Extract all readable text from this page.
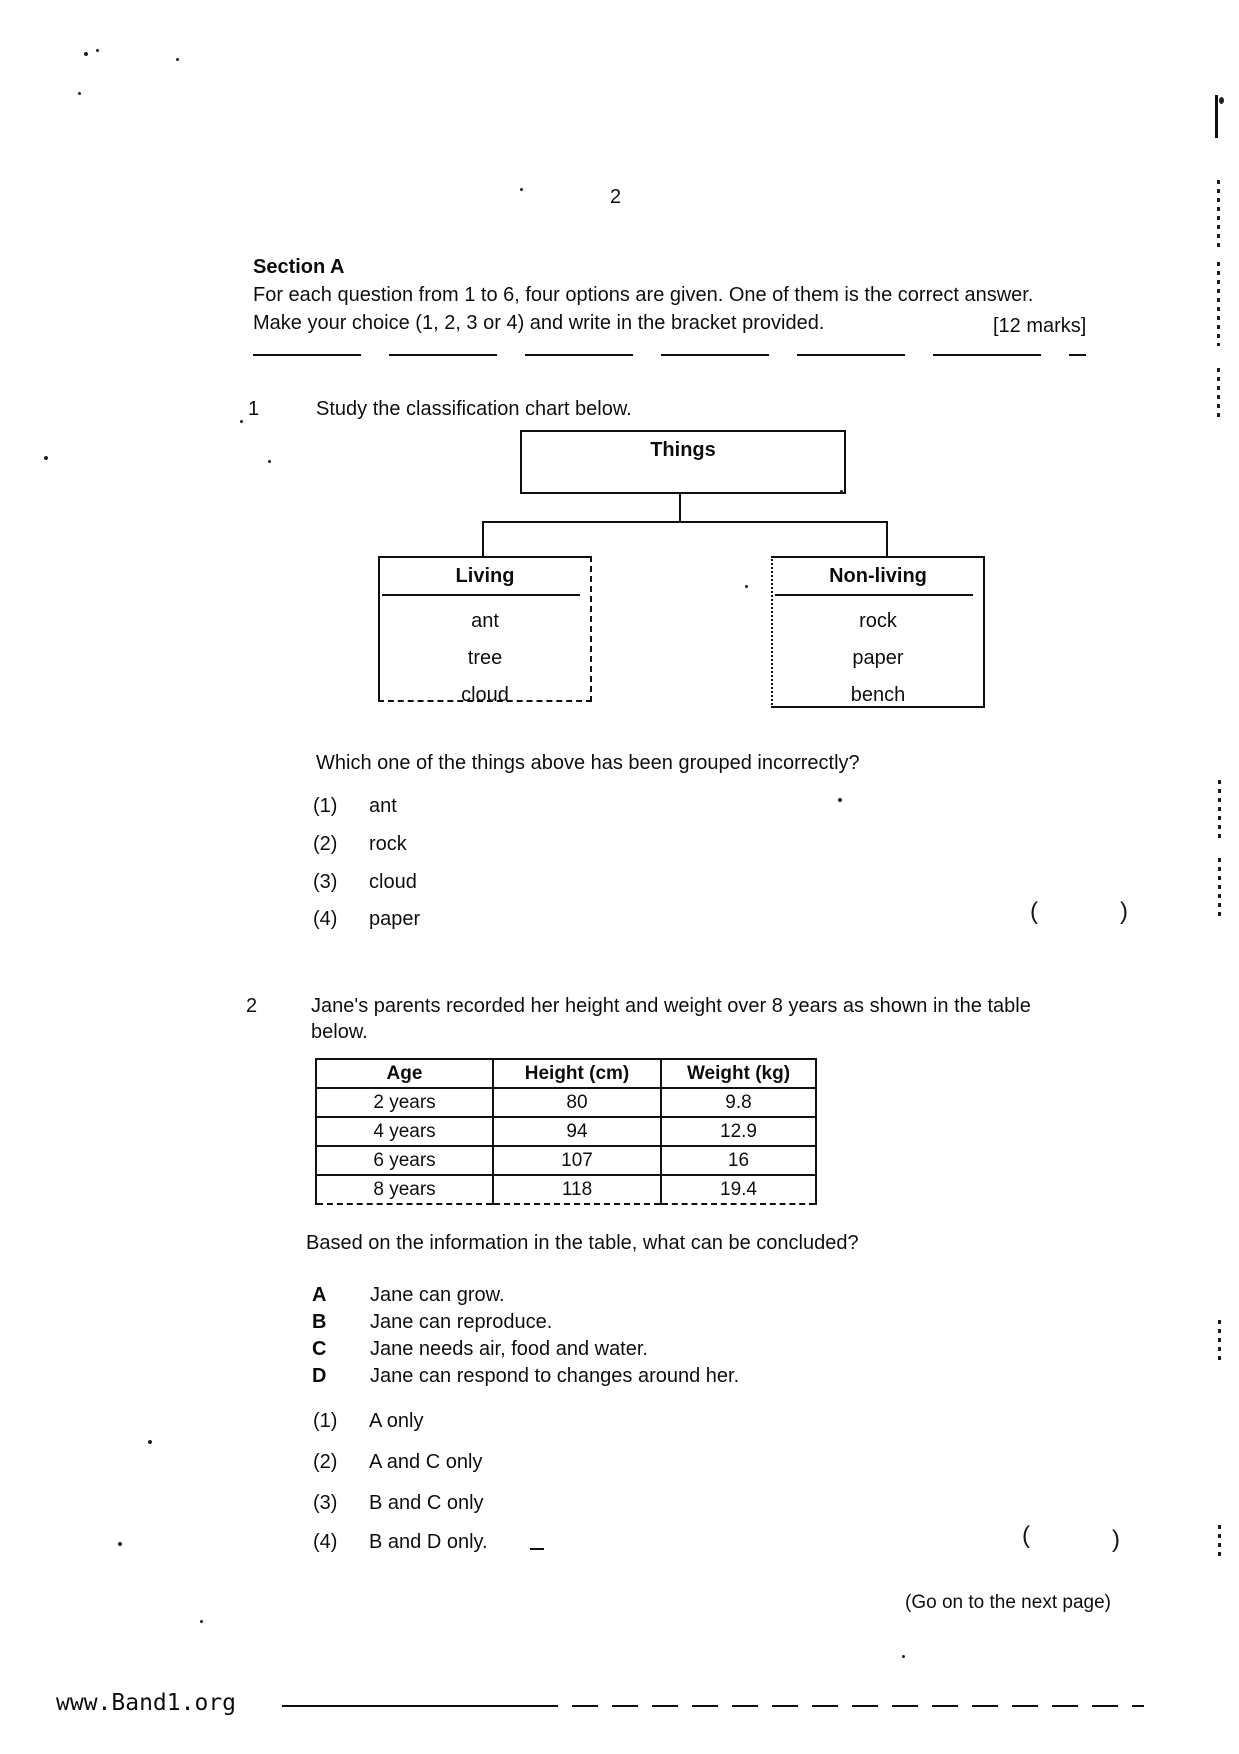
2
Section A
For each question from 1 to 6, four options are given. One of them is the correct answer.
Make your choice (1, 2, 3 or 4) and write in the bracket provided.	[12 marks]
1	Study the classification chart below.
Things
Living
ant
tree
cloud
Non-living
rock
paper
bench
Which one of the things above has been grouped incorrectly?
(1) ant
(2) rock
(3) cloud
(4) paper	(	)
2	Jane's parents recorded her height and weight over 8 years as shown in the table below.
Age	Height (cm)	Weight (kg)
2 years	80	9.8
4 years	94	12.9
6 years	107	16
8 years	118	19.4
Based on the information in the table, what can be concluded?
A Jane can grow.
B Jane can reproduce.
C Jane needs air, food and water.
D Jane can respond to changes around her.
(1) A only
(2) A and C only
(3) B and C only
(4) B and D only.	(	)
(Go on to the next page)
www.Band1.org
